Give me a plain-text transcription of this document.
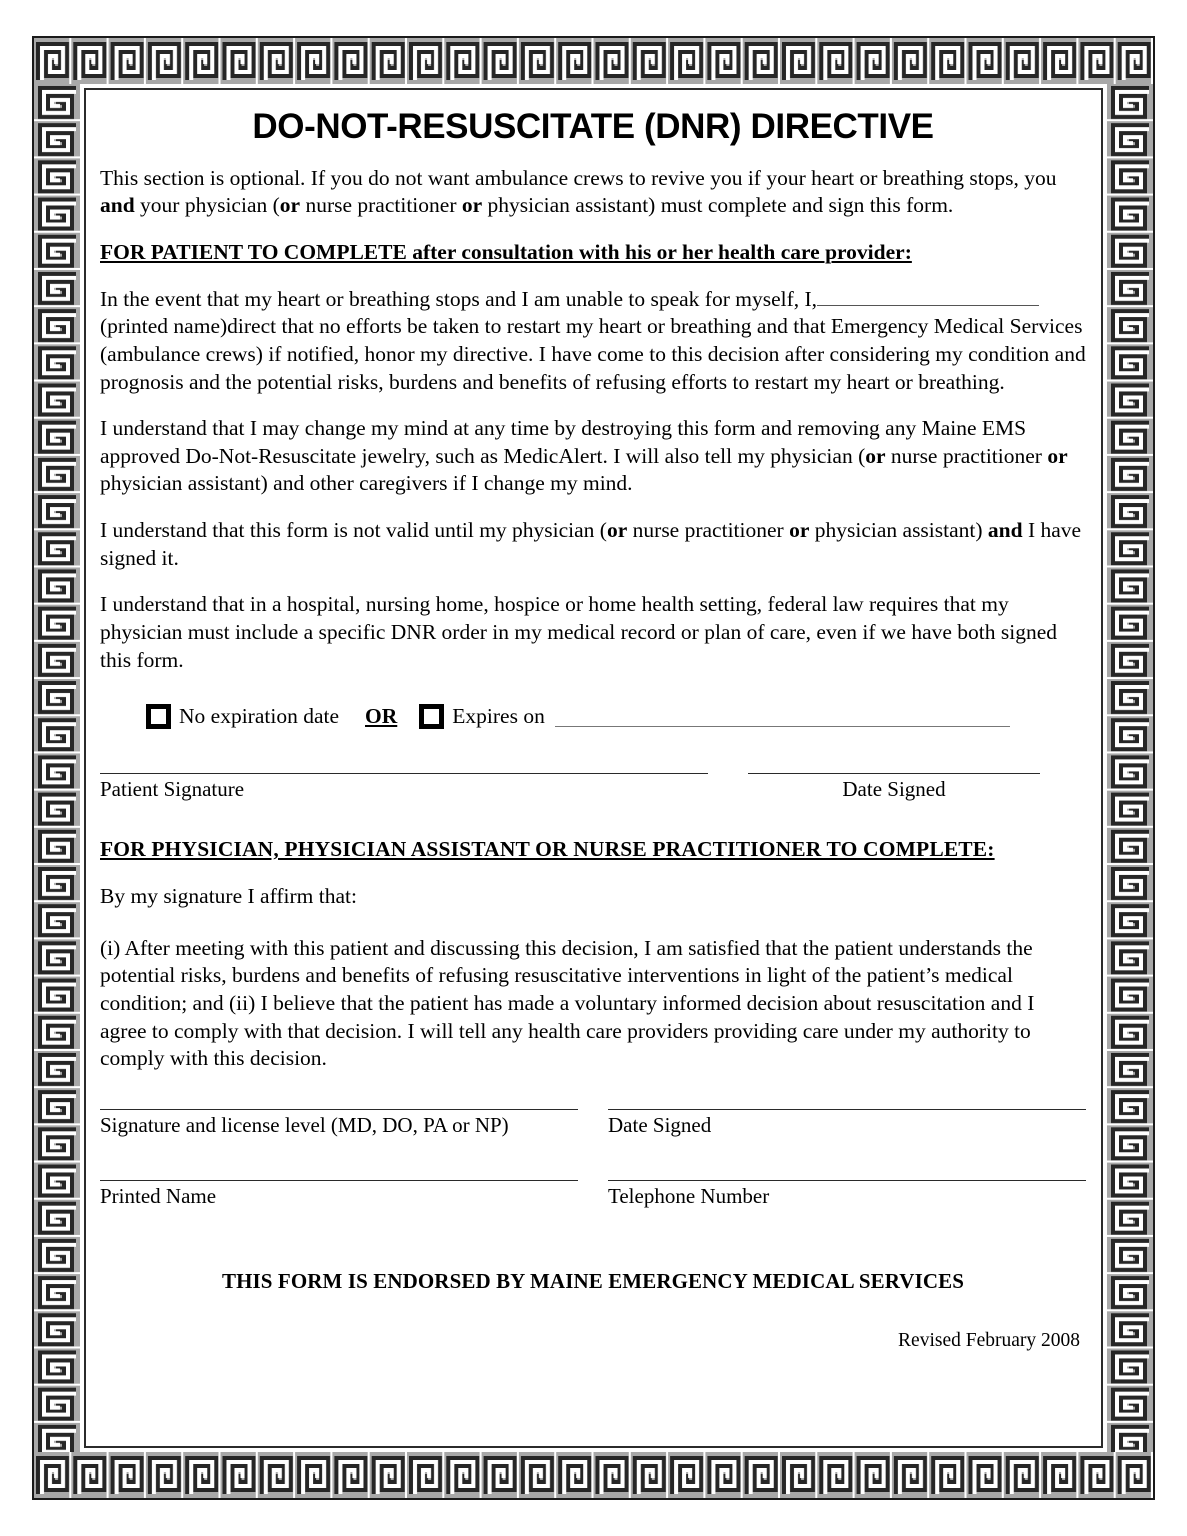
DO-NOT-RESUSCITATE (DNR) DIRECTIVE

This section is optional. If you do not want ambulance crews to revive you if your heart or breathing stops, you and your physician (or nurse practitioner or physician assistant) must complete and sign this form.

FOR PATIENT TO COMPLETE after consultation with his or her health care provider:

In the event that my heart or breathing stops and I am unable to speak for myself, I,
(printed name)direct that no efforts be taken to restart my heart or breathing and that Emergency Medical Services (ambulance crews) if notified, honor my directive. I have come to this decision after considering my condition and prognosis and the potential risks, burdens and benefits of refusing efforts to restart my heart or breathing.

I understand that I may change my mind at any time by destroying this form and removing any Maine EMS approved Do-Not-Resuscitate jewelry, such as MedicAlert. I will also tell my physician (or nurse practitioner or physician assistant) and other caregivers if I change my mind.

I understand that this form is not valid until my physician (or nurse practitioner or physician assistant) and I have signed it.

I understand that in a hospital, nursing home, hospice or home health setting, federal law requires that my physician must include a specific DNR order in my medical record or plan of care, even if we have both signed this form.

No expiration date OR	Expires on
Patient Signature	Date Signed
FOR PHYSICIAN, PHYSICIAN ASSISTANT OR NURSE PRACTITIONER TO COMPLETE:

By my signature I affirm that:

(i) After meeting with this patient and discussing this decision, I am satisfied that the patient understands the potential risks, burdens and benefits of refusing resuscitative interventions in light of the patient’s medical condition; and (ii) I believe that the patient has made a voluntary informed decision about resuscitation and I agree to comply with that decision. I will tell any health care providers providing care under my authority to comply with this decision.

Signature and license level (MD, DO, PA or NP)	Date Signed
Printed Name	Telephone Number
THIS FORM IS ENDORSED BY MAINE EMERGENCY MEDICAL SERVICES
Revised February 2008
